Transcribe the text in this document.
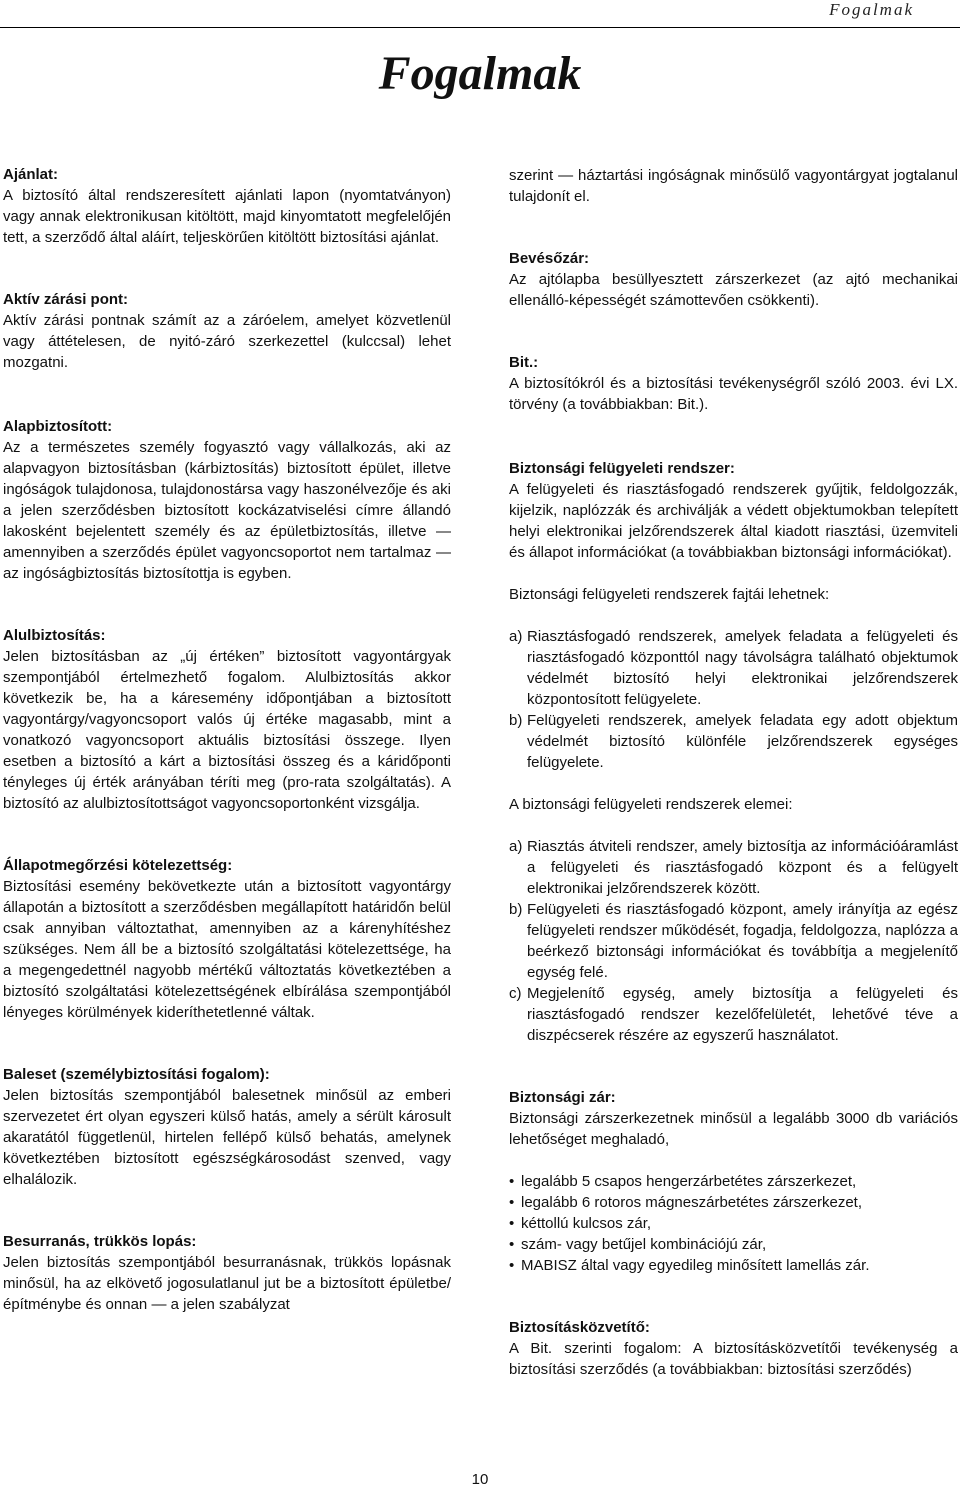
Fogalmak
Fogalmak

Ajánlat:

A biztosító által rendszeresített ajánlati lapon (nyomtatványon) vagy annak elektronikusan kitöltött, majd kinyomtatott megfelelőjén tett, a szerződő által aláírt, teljeskörűen kitöltött biztosítási ajánlat.

Aktív zárási pont:

Aktív zárási pontnak számít az a záróelem, amelyet közvetlenül vagy áttételesen, de nyitó-záró szerkezettel (kulccsal) lehet mozgatni.

Alapbiztosított:

Az a természetes személy fogyasztó vagy vállalkozás, aki az alapvagyon biztosításban (kárbiztosítás) biztosított épület, illetve ingóságok tulajdonosa, tulajdonostársa vagy haszonélvezője és aki a jelen szerződésben biztosított kockázatviselési címre állandó lakosként bejelentett személy és az épületbiztosítás, illetve — amennyiben a szerződés épület vagyoncsoportot nem tartalmaz — az ingóságbiztosítás biztosítottja is egyben.

Alulbiztosítás:

Jelen biztosításban az „új értéken” biztosított vagyontárgyak szempontjából értelmezhető fogalom. Alulbiztosítás akkor következik be, ha a káresemény időpontjában a biztosított vagyontárgy/vagyoncsoport valós új értéke magasabb, mint a vonatkozó vagyoncsoport aktuális biztosítási összege. Ilyen esetben a biztosító a kárt a biztosítási összeg és a káridőponti tényleges új érték arányában téríti meg (pro-rata szolgáltatás). A biztosító az alulbiztosítottságot vagyoncsoportonként vizsgálja.

Állapotmegőrzési kötelezettség:

Biztosítási esemény bekövetkezte után a biztosított vagyontárgy állapotán a biztosított a szerződésben megállapított határidőn belül csak annyiban változtathat, amennyiben az a kárenyhítéshez szükséges. Nem áll be a biztosító szolgáltatási kötelezettsége, ha a megengedettnél nagyobb mértékű változtatás következtében a biztosító szolgáltatási kötelezettségének elbírálása szempontjából lényeges körülmények kideríthetetlenné váltak.

Baleset (személybiztosítási fogalom):

Jelen biztosítás szempontjából balesetnek minősül az emberi szervezetet ért olyan egyszeri külső hatás, amely a sérült károsult akaratától függetlenül, hirtelen fellépő külső behatás, amelynek következtében biztosított egészségkárosodást szenved, vagy elhalálozik.

Besurranás, trükkös lopás:

Jelen biztosítás szempontjából besurranásnak, trükkös lopásnak minősül, ha az elkövető jogosulatlanul jut be a biztosított épületbe/építménybe és onnan — a jelen szabályzat

szerint — háztartási ingóságnak minősülő vagyontárgyat jogtalanul tulajdonít el.

Bevésőzár:

Az ajtólapba besüllyesztett zárszerkezet (az ajtó mechanikai ellenálló-képességét számottevően csökkenti).

Bit.:

A biztosítókról és a biztosítási tevékenységről szóló 2003. évi LX. törvény (a továbbiakban: Bit.).

Biztonsági felügyeleti rendszer:

A felügyeleti és riasztásfogadó rendszerek gyűjtik, feldolgozzák, kijelzik, naplózzák és archiválják a védett objektumokban telepített helyi elektronikai jelzőrendszerek által kiadott riasztási, üzemviteli és állapot információkat (a továbbiakban biztonsági információkat).

Biztonsági felügyeleti rendszerek fajtái lehetnek:

a) Riasztásfogadó rendszerek, amelyek feladata a felügyeleti és riasztásfogadó központtól nagy távolságra található objektumok védelmét biztosító helyi elektronikai jelzőrendszerek központosított felügyelete.
b) Felügyeleti rendszerek, amelyek feladata egy adott objektum védelmét biztosító különféle jelzőrendszerek egységes felügyelete.

A biztonsági felügyeleti rendszerek elemei:

a) Riasztás átviteli rendszer, amely biztosítja az információáramlást a felügyeleti és riasztásfogadó központ és a felügyelt elektronikai jelzőrendszerek között.
b) Felügyeleti és riasztásfogadó központ, amely irányítja az egész felügyeleti rendszer működését, fogadja, feldolgozza, naplózza a beérkező biztonsági információkat és továbbítja a megjelenítő egység felé.
c) Megjelenítő egység, amely biztosítja a felügyeleti és riasztásfogadó rendszer kezelőfelületét, lehetővé téve a diszpécserek részére az egyszerű használatot.

Biztonsági zár:

Biztonsági zárszerkezetnek minősül a legalább 3000 db variációs lehetőséget meghaladó,

• legalább 5 csapos hengerzárbetétes zárszerkezet,
• legalább 6 rotoros mágneszárbetétes zárszerkezet,
• kéttollú kulcsos zár,
• szám- vagy betűjel kombinációjú zár,
• MABISZ által vagy egyedileg minősített lamellás zár.

Biztosításközvetítő:

A Bit. szerinti fogalom: A biztosításközvetítői tevékenység a biztosítási szerződés (a továbbiakban: biztosítási szerződés)

10
